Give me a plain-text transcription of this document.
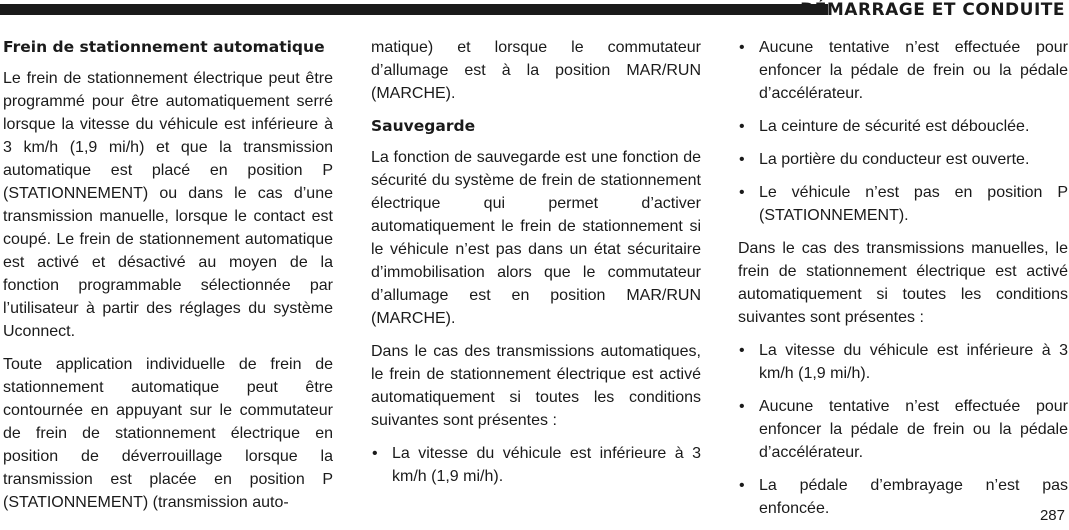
DÉMARRAGE ET CONDUITE
Frein de stationnement automatique

Le frein de stationnement électrique peut être programmé pour être automatiquement serré lorsque la vitesse du véhicule est inférieure à 3 km/h (1,9 mi/h) et que la transmission automatique est placé en position P (STATIONNEMENT) ou dans le cas d’une transmission manuelle, lorsque le contact est coupé. Le frein de stationnement automatique est activé et désactivé au moyen de la fonction programmable sélectionnée par l’utilisateur à partir des réglages du système Uconnect.

Toute application individuelle de frein de stationnement automatique peut être contournée en appuyant sur le commutateur de frein de stationnement électrique en position de déverrouillage lorsque la transmission est placée en position P (STATIONNEMENT) (transmission auto-

matique) et lorsque le commutateur d’allumage est à la position MAR/RUN (MARCHE).

Sauvegarde

La fonction de sauvegarde est une fonction de sécurité du système de frein de stationnement électrique qui permet d’activer automatiquement le frein de stationnement si le véhicule n’est pas dans un état sécuritaire d’immobilisation alors que le commutateur d’allumage est en position MAR/RUN (MARCHE).

Dans le cas des transmissions automatiques, le frein de stationnement électrique est activé automatiquement si toutes les conditions suivantes sont présentes :

• La vitesse du véhicule est inférieure à 3 km/h (1,9 mi/h).
• Aucune tentative n’est effectuée pour enfoncer la pédale de frein ou la pédale d’accélérateur.
• La ceinture de sécurité est débouclée.
• La portière du conducteur est ouverte.
• Le véhicule n’est pas en position P (STATIONNEMENT).

Dans le cas des transmissions manuelles, le frein de stationnement électrique est activé automatiquement si toutes les conditions suivantes sont présentes :

• La vitesse du véhicule est inférieure à 3 km/h (1,9 mi/h).
• Aucune tentative n’est effectuée pour enfoncer la pédale de frein ou la pédale d’accélérateur.
• La pédale d’embrayage n’est pas enfoncée.	287
